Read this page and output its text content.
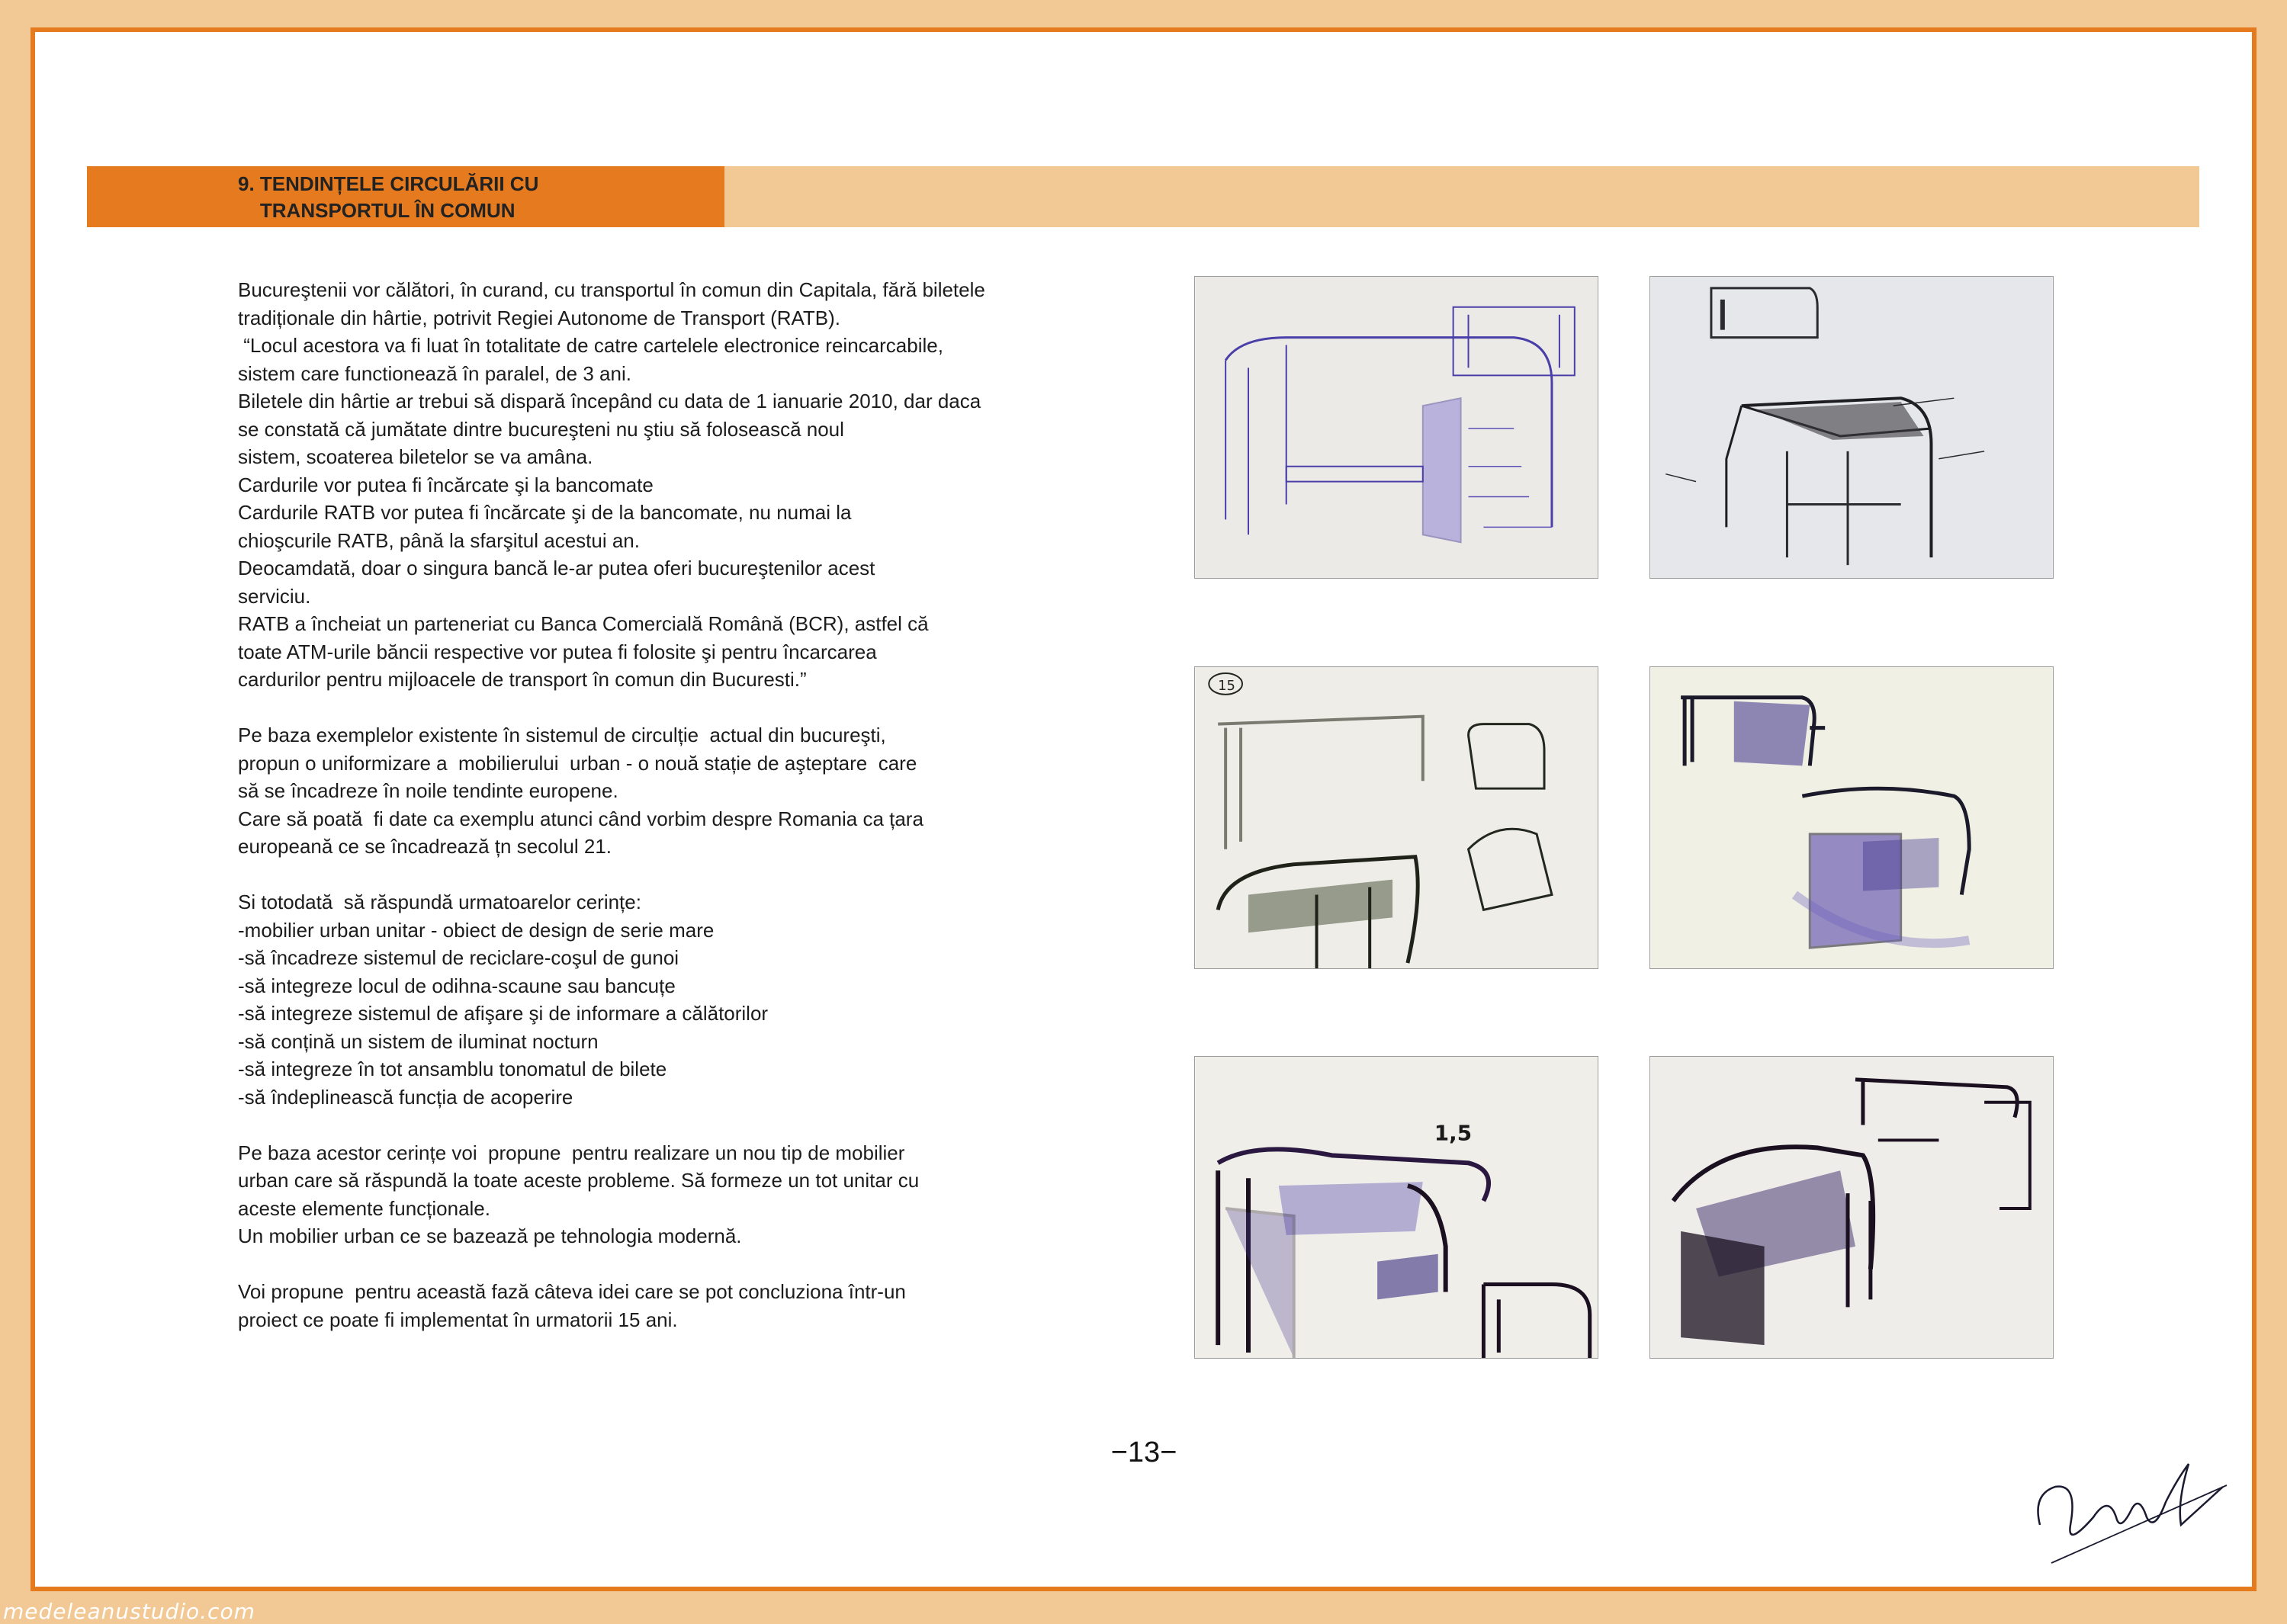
9. TENDINȚELE CIRCULĂRII CU
TRANSPORTUL ÎN COMUN

Bucureştenii vor călători, în curand, cu transportul în comun din Capitala, fără biletele

tradiționale din hârtie, potrivit Regiei Autonome de Transport (RATB).

“Locul acestora va fi luat în totalitate de catre cartelele electronice reincarcabile,

sistem care functionează în paralel, de 3 ani.

Biletele din hârtie ar trebui să dispară începând cu data de 1 ianuarie 2010, dar daca

se constată că jumătate dintre bucureşteni nu ştiu să folosească noul

sistem, scoaterea biletelor se va amâna.

Cardurile vor putea fi încărcate şi la bancomate

Cardurile RATB vor putea fi încărcate şi de la bancomate, nu numai la

chioşcurile RATB, până la sfarşitul acestui an.

Deocamdată, doar o singura bancă le-ar putea oferi bucureştenilor acest

serviciu.

RATB a încheiat un parteneriat cu Banca Comercială Română (BCR), astfel că

toate ATM-urile băncii respective vor putea fi folosite şi pentru încarcarea

cardurilor pentru mijloacele de transport în comun din Bucuresti.”

Pe baza exemplelor existente în sistemul de circulție  actual din bucureşti,

propun o uniformizare a  mobilierului  urban - o nouă stație de aşteptare  care

să se încadreze în noile tendinte europene.

Care să poată  fi date ca exemplu atunci când vorbim despre Romania ca țara

europeană ce se încadrează țn secolul 21.

Si totodată  să răspundă urmatoarelor cerințe:

-mobilier urban unitar - obiect de design de serie mare

-să încadreze sistemul de reciclare-coşul de gunoi

-să integreze locul de odihna-scaune sau bancuțe

-să integreze sistemul de afişare şi de informare a călătorilor

-să conțină un sistem de iluminat nocturn

-să integreze în tot ansamblu tonomatul de bilete

-să îndeplinească funcția de acoperire

Pe baza acestor cerințe voi  propune  pentru realizare un nou tip de mobilier

urban care să răspundă la toate aceste probleme. Să formeze un tot unitar cu

aceste elemente funcționale.

Un mobilier urban ce se bazează pe tehnologia modernă.

Voi propune  pentru această fază câteva idei care se pot concluziona într-un

proiect ce poate fi implementat în urmatorii 15 ani.

15
1,5
−13−
medeleanustudio.com
